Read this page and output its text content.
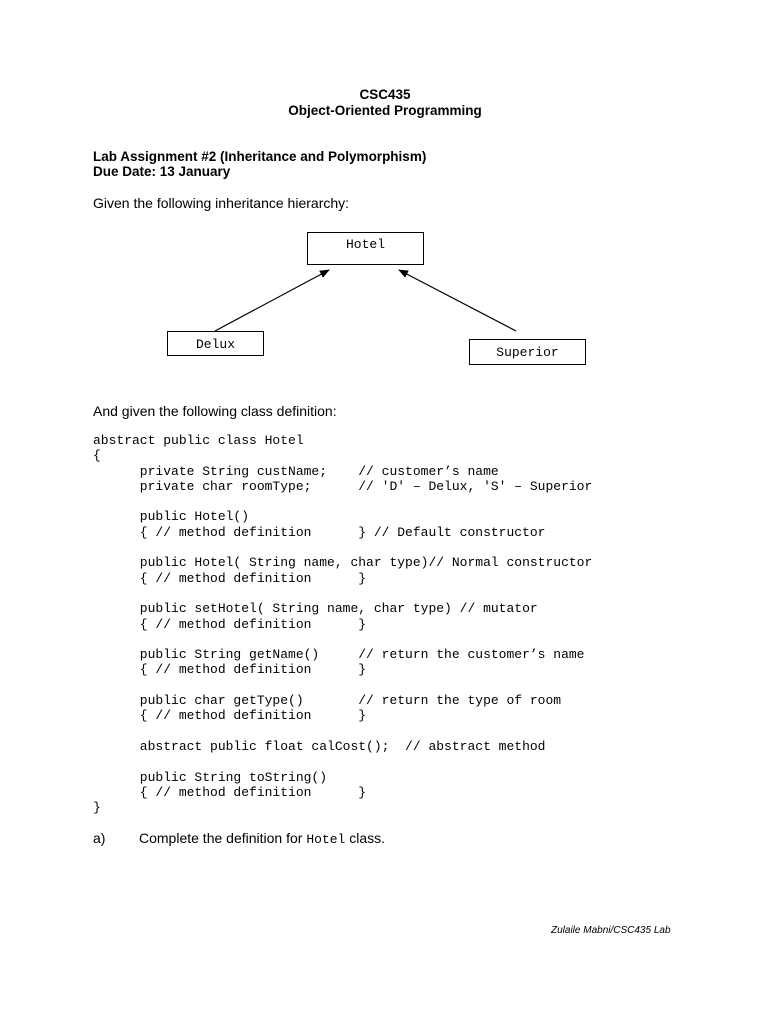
CSC435
Object-Oriented Programming
Lab Assignment #2 (Inheritance and Polymorphism)
Due Date: 13 January
Given the following inheritance hierarchy:
Hotel
Delux
Superior
And given the following class definition:
abstract public class Hotel
{
private String custName;    // customer’s name
private char roomType;      // 'D' – Delux, 'S' – Superior
public Hotel()
{ // method definition      } // Default constructor
public Hotel( String name, char type)// Normal constructor
{ // method definition      }
public setHotel( String name, char type) // mutator
{ // method definition      }
public String getName()     // return the customer’s name
{ // method definition      }
public char getType()       // return the type of room
{ // method definition      }
abstract public float calCost();  // abstract method
public String toString()
{ // method definition      }
}
a) Complete the definition for Hotel class.
Zulaile Mabni/CSC435 Lab
